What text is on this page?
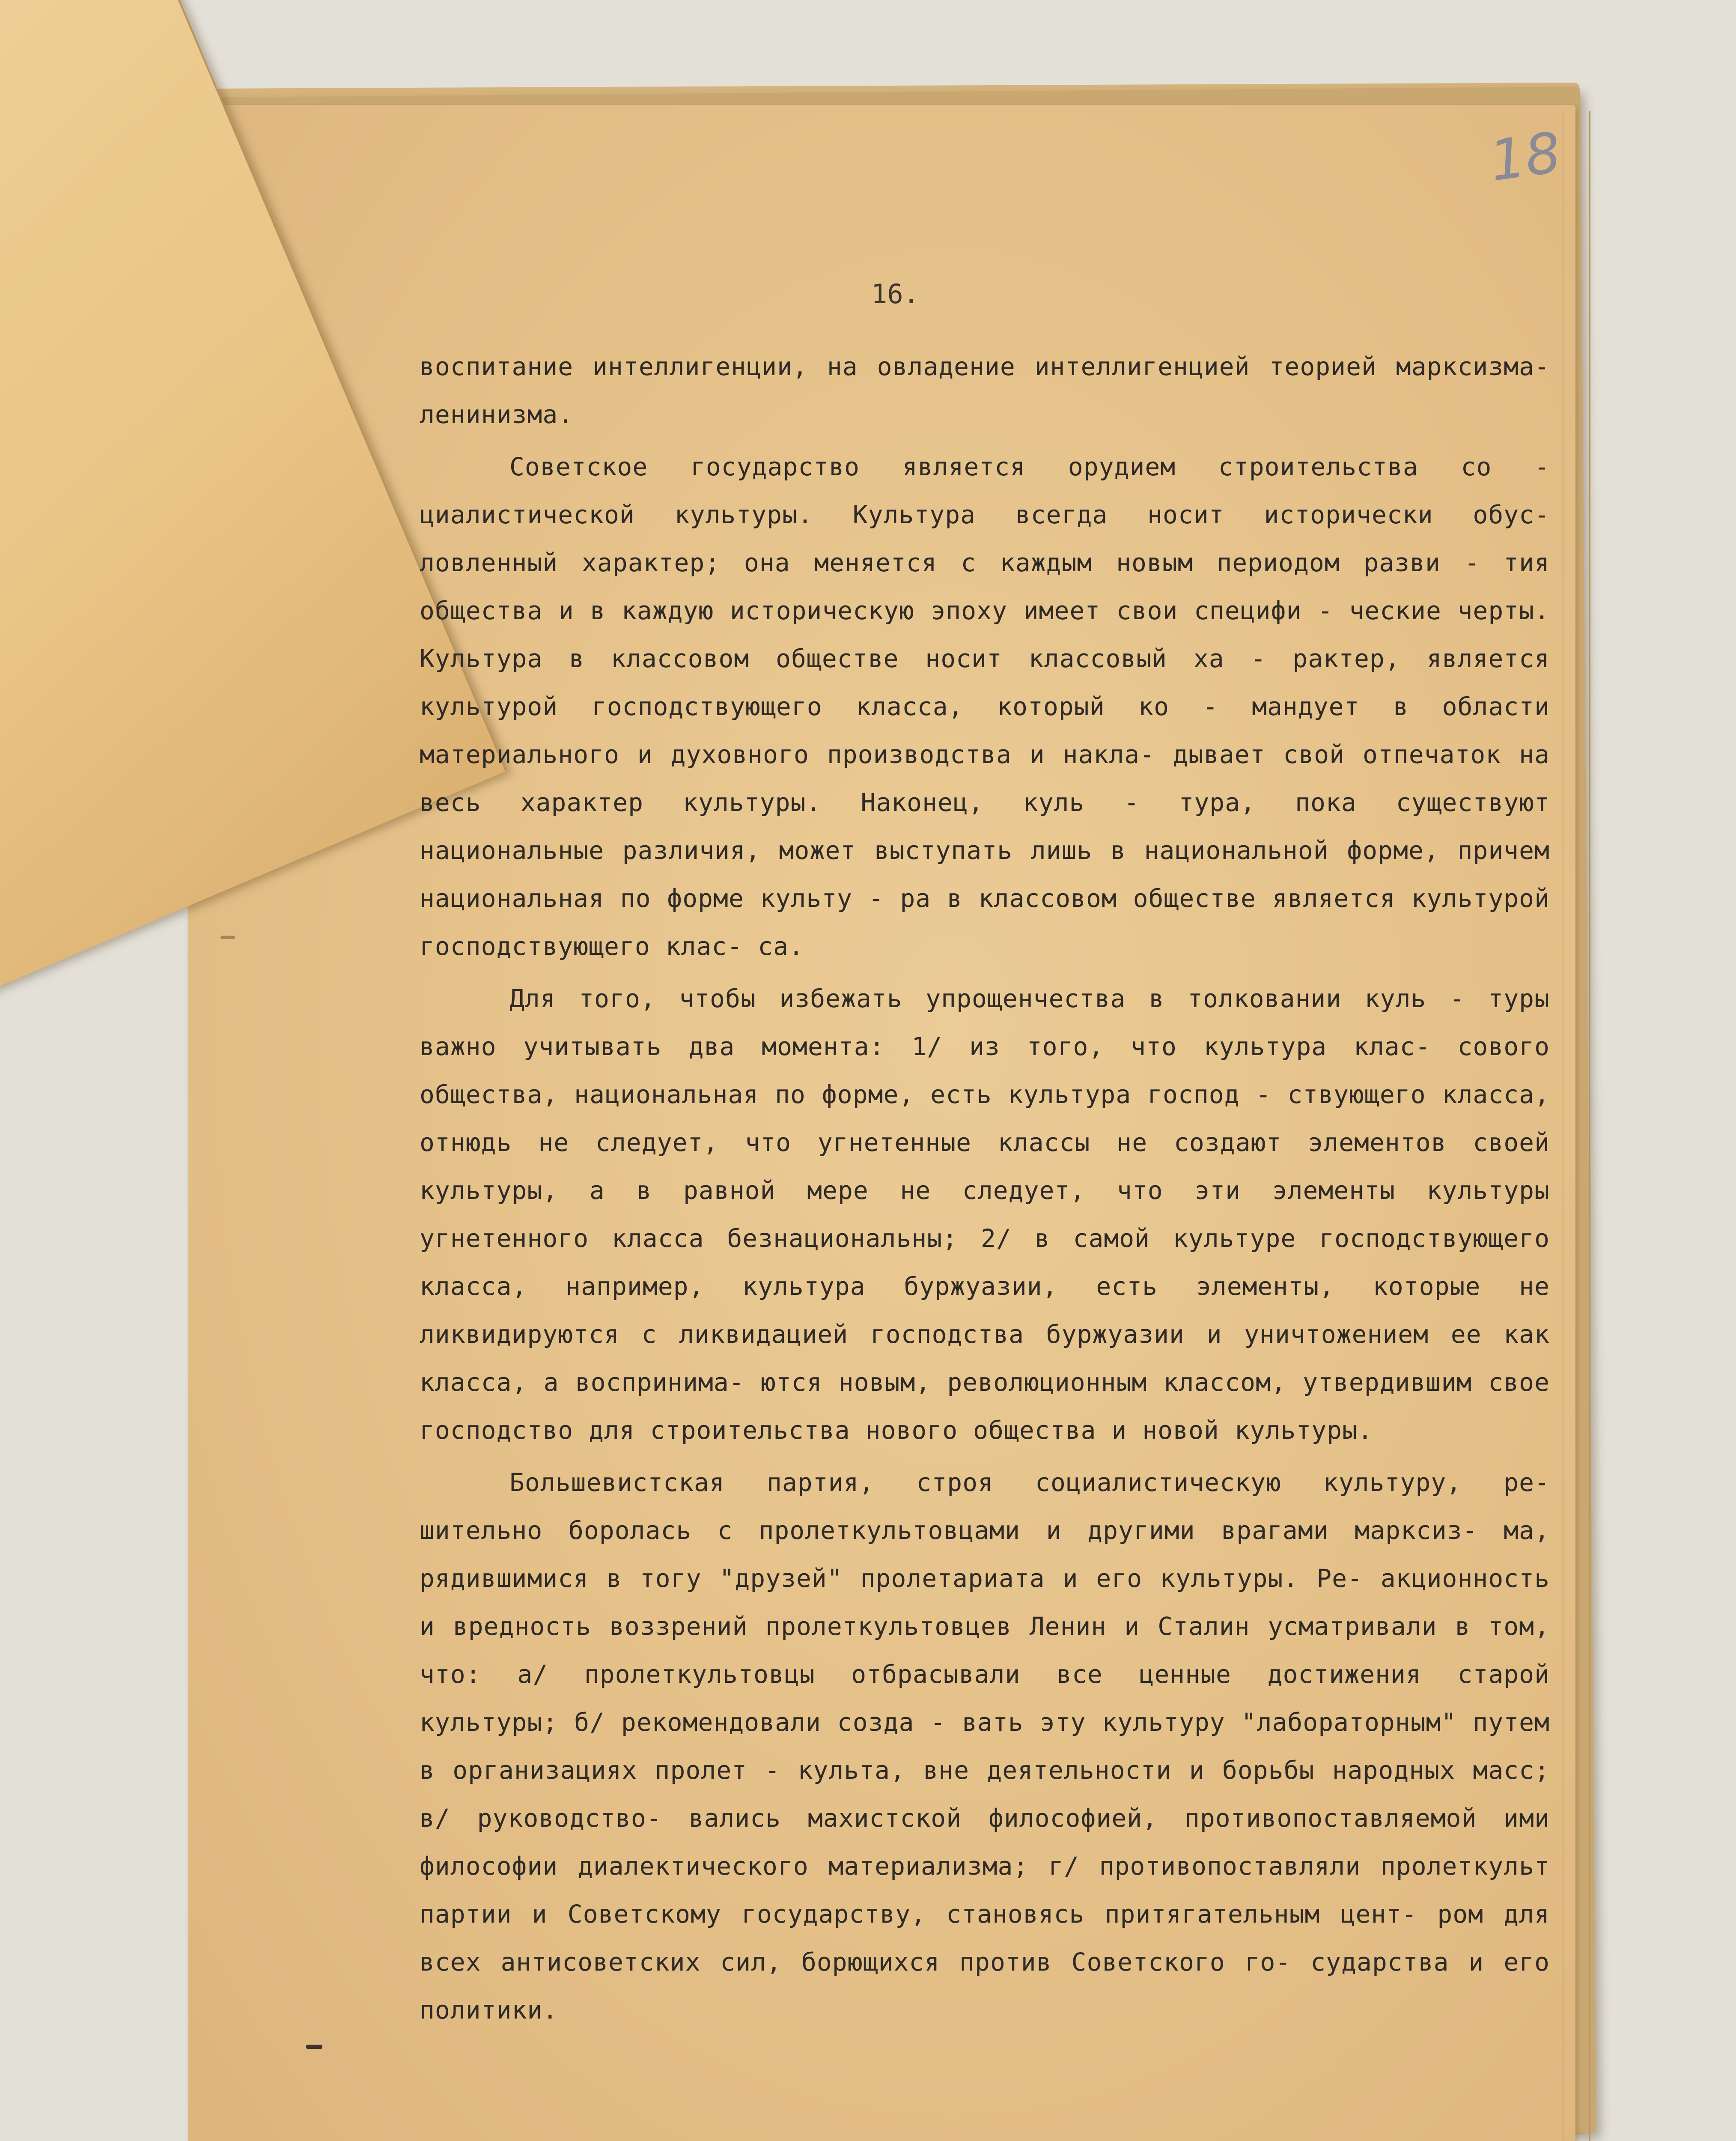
18
16.

воспитание интеллигенции, на овладение интеллигенцией теорией марксизма-ленинизма.

Советское государство является орудием строительства со - циалистической культуры. Культура всегда носит исторически обус- ловленный характер; она меняется с каждым новым периодом разви - тия общества и в каждую историческую эпоху имеет свои специфи - ческие черты. Культура в классовом обществе носит классовый ха - рактер, является культурой господствующего класса, который ко - мандует в области материального и духовного производства и накла- дывает свой отпечаток на весь характер культуры. Наконец, куль - тура, пока существуют национальные различия, может выступать лишь в национальной форме, причем национальная по форме культу - ра в классовом обществе является культурой господствующего клас- са.

Для того, чтобы избежать упрощенчества в толковании куль - туры важно учитывать два момента: 1/ из того, что культура клас- сового общества, национальная по форме, есть культура господ - ствующего класса, отнюдь не следует, что угнетенные классы не создают элементов своей культуры, а в равной мере не следует, что эти элементы культуры угнетенного класса безнациональны; 2/ в самой культуре господствующего класса, например, культура буржуазии, есть элементы, которые не ликвидируются с ликвидацией господства буржуазии и уничтожением ее как класса, а воспринима- ются новым, революционным классом, утвердившим свое господство для строительства нового общества и новой культуры.

Большевистская партия, строя социалистическую культуру, ре- шительно боролась с пролеткультовцами и другими врагами марксиз- ма, рядившимися в тогу "друзей" пролетариата и его культуры. Ре- акционность и вредность воззрений пролеткультовцев Ленин и Сталин усматривали в том, что: а/ пролеткультовцы отбрасывали все ценные достижения старой культуры; б/ рекомендовали созда - вать эту культуру "лабораторным" путем в организациях пролет - культа, вне деятельности и борьбы народных масс; в/ руководство- вались махистской философией, противопоставляемой ими философии диалектического материализма; г/ противопоставляли пролеткульт партии и Советскому государству, становясь притягательным цент- ром для всех антисоветских сил, борющихся против Советского го- сударства и его политики.
